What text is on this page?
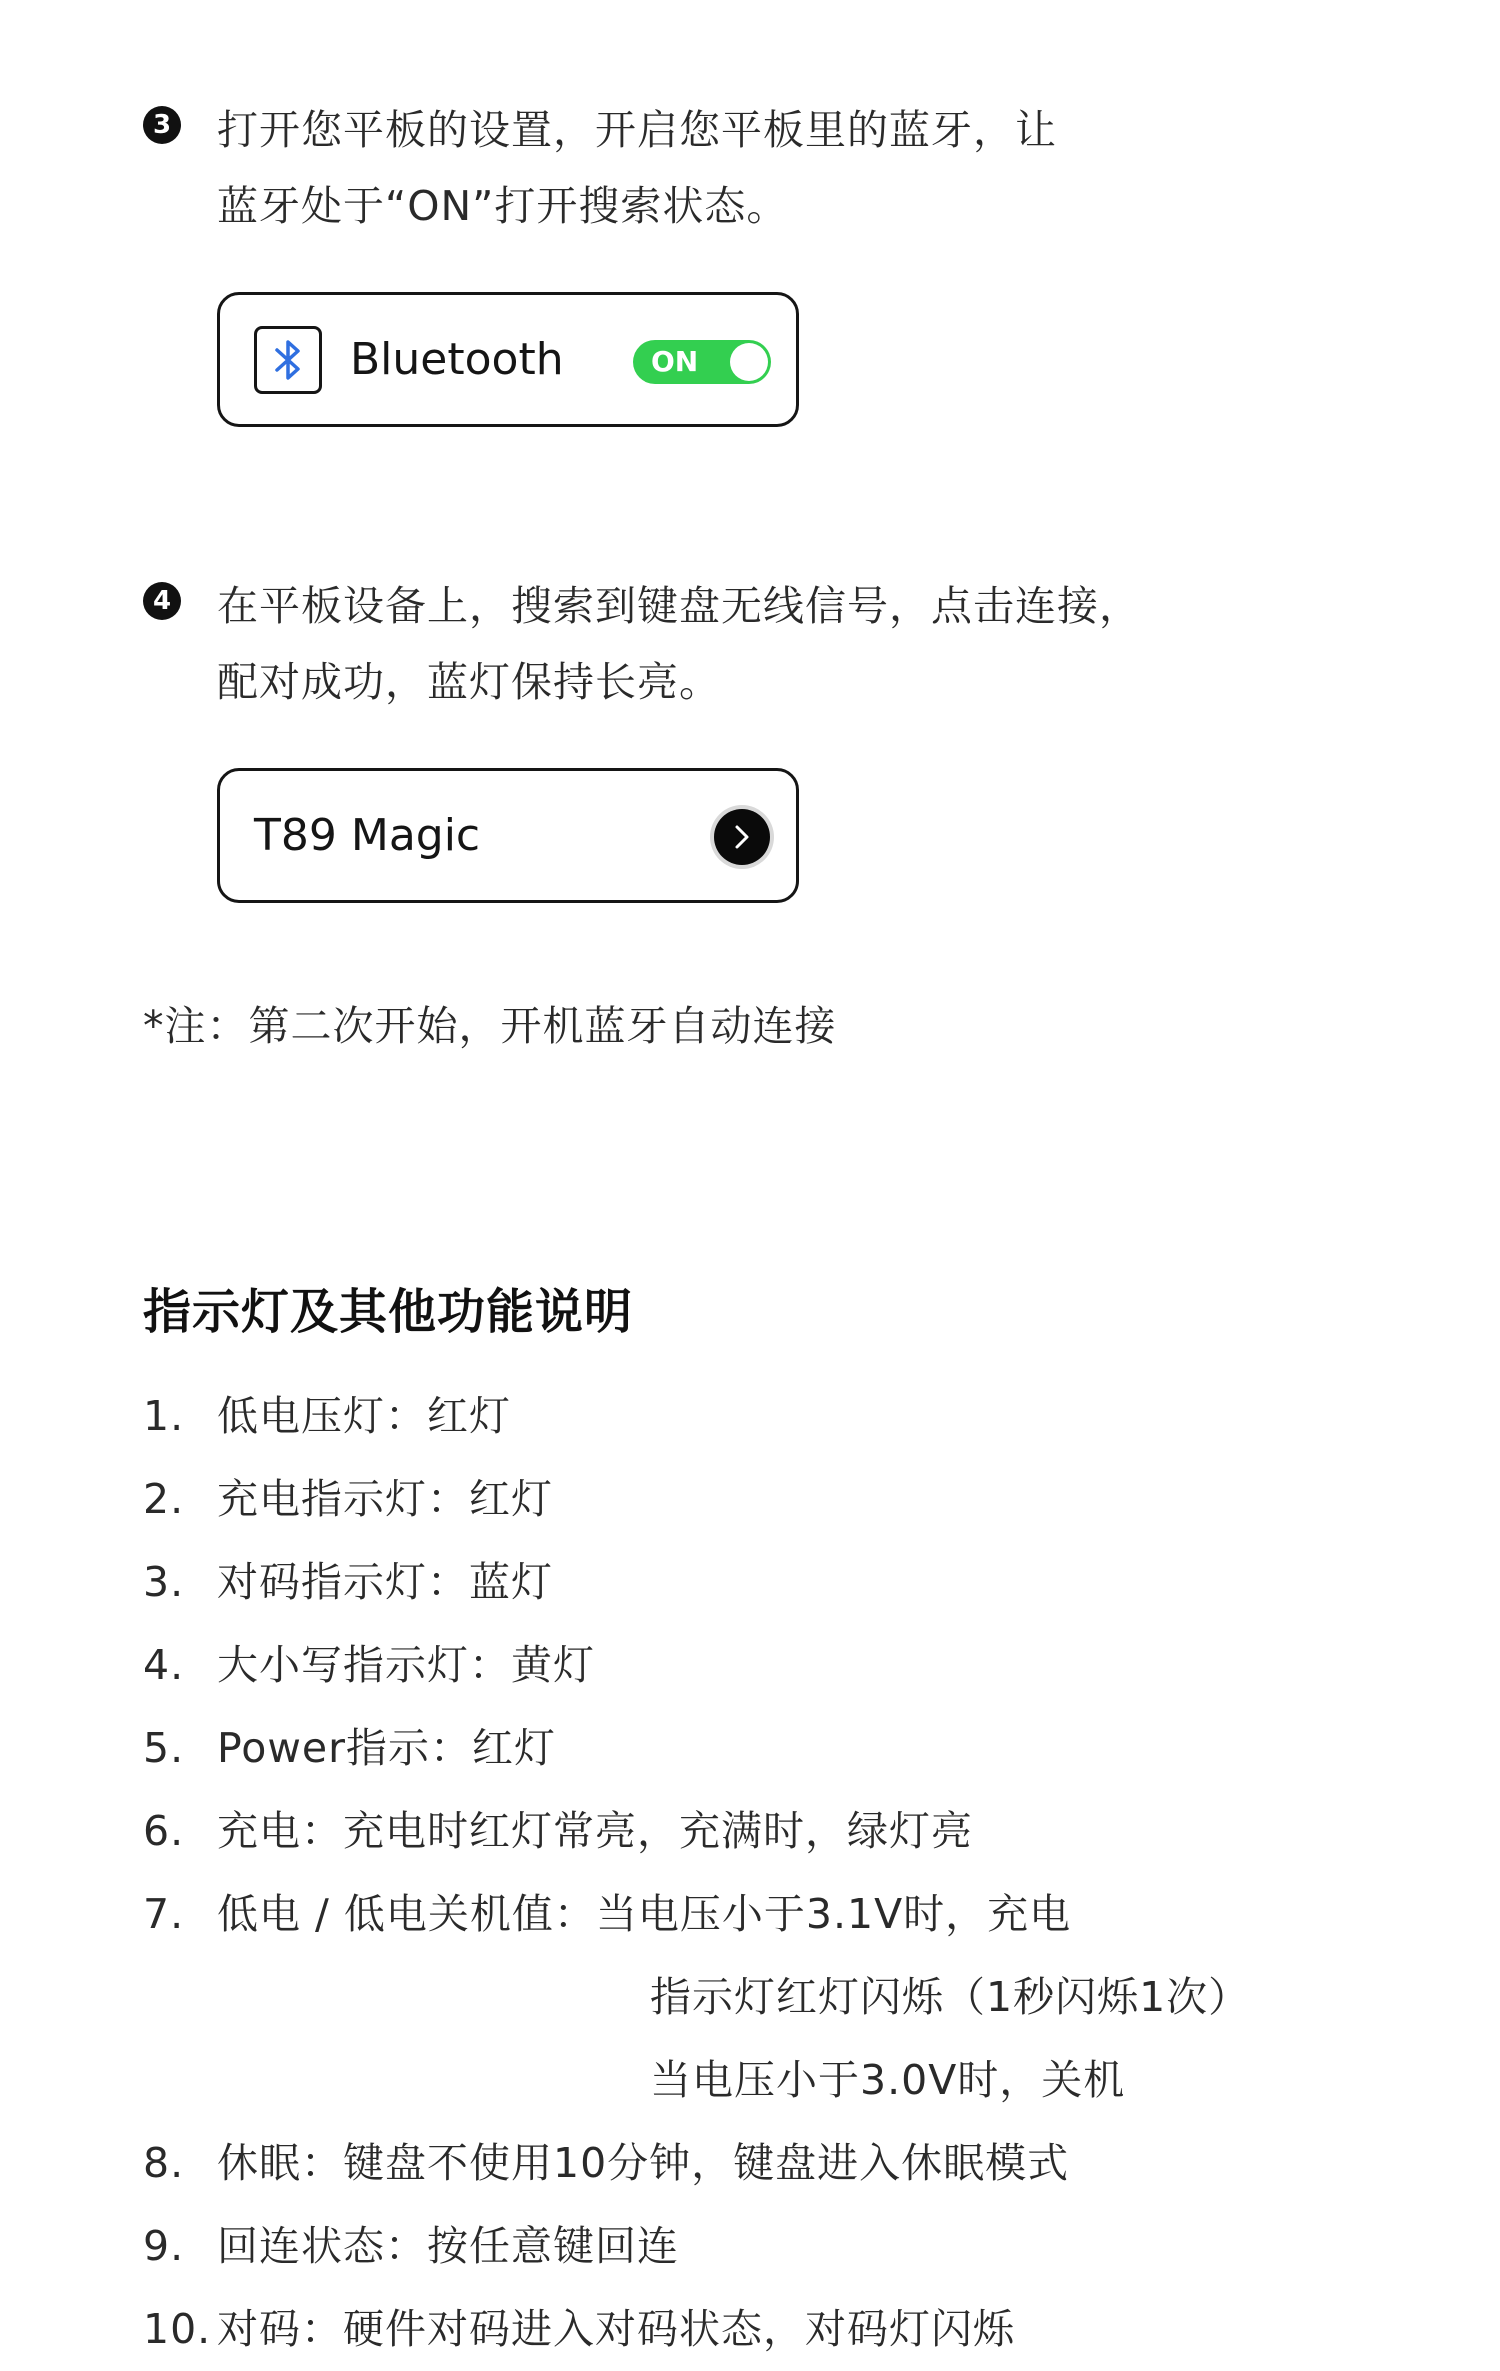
3 打开您平板的设置，开启您平板里的蓝牙，让
蓝牙处于“ON”打开搜索状态。
Bluetooth	ON
4 在平板设备上，搜索到键盘无线信号，点击连接，
配对成功，蓝灯保持长亮。
T89 Magic
*注：第二次开始，开机蓝牙自动连接
指示灯及其他功能说明
1. 低电压灯：红灯
2. 充电指示灯：红灯
3. 对码指示灯：蓝灯
4. 大小写指示灯：黄灯
5. Power指示：红灯
6. 充电：充电时红灯常亮，充满时，绿灯亮
7. 低电 / 低电关机值：当电压小于3.1V时，充电
指示灯红灯闪烁（1秒闪烁1次）
当电压小于3.0V时，关机
8. 休眠：键盘不使用10分钟，键盘进入休眠模式
9. 回连状态：按任意键回连
10. 对码：硬件对码进入对码状态，对码灯闪烁
